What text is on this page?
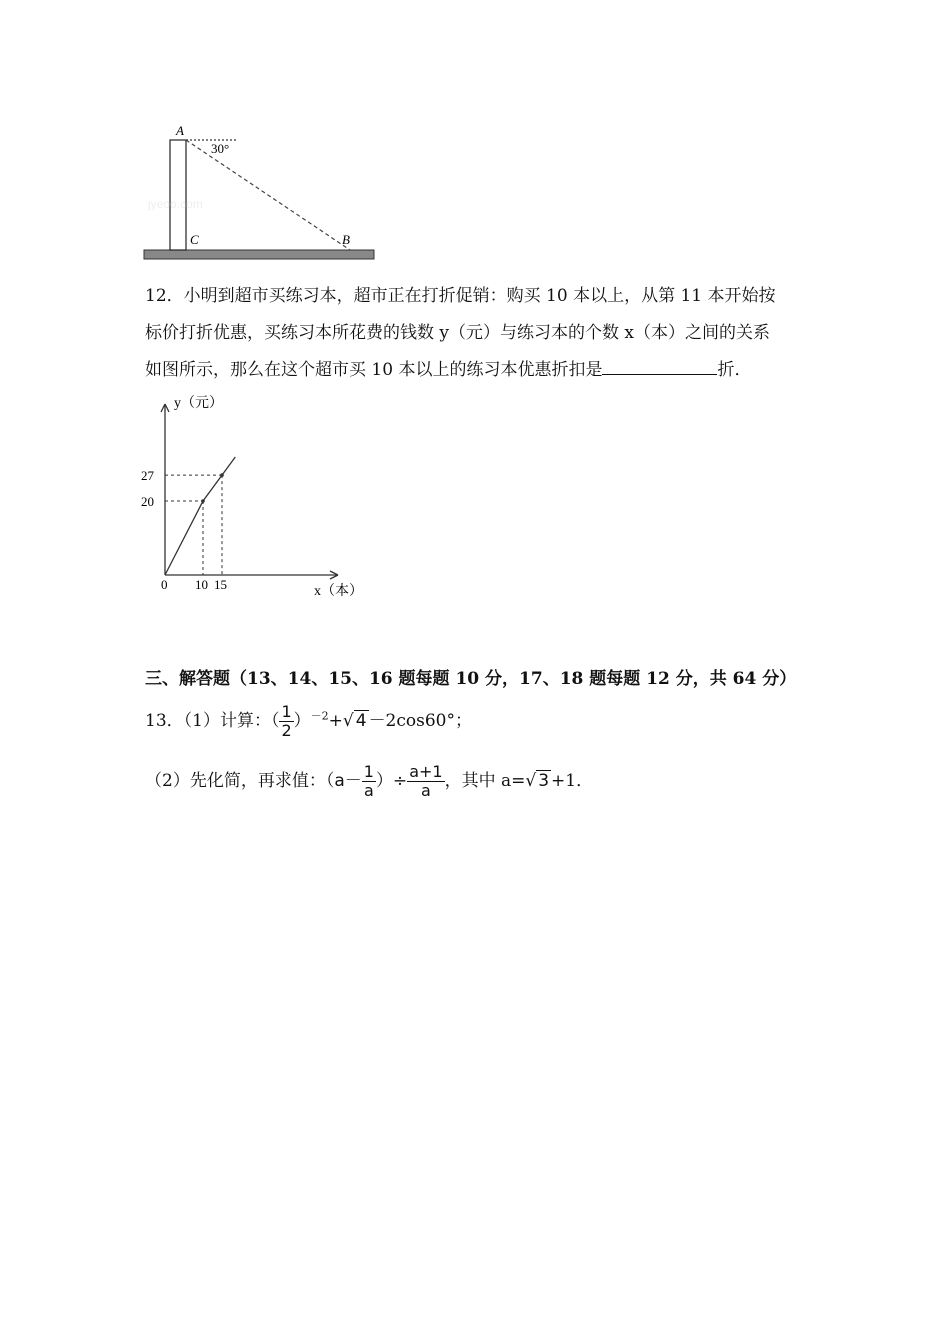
A
C	B
30°
jyeoo.com
12．小明到超市买练习本，超市正在打折促销：购买 10 本以上，从第 11 本开始按
标价打折优惠，买练习本所花费的钱数 y（元）与练习本的个数 x（本）之间的关系
如图所示，那么在这个超市买 10 本以上的练习本优惠折扣是	折．
y（元）
x（本）
0 10 15
20
27
三、解答题（13、14、15、16 题每题 10 分，17、18 题每题 12 分，共 64 分）
13．（1）计算：（ $\frac{1}{2} )^{-2}+√$ 4 －2cos60°；
（2）先化简，再求值：（$a- \frac{1}{a}$ ）÷ $\frac{a+1}{a}$ ，其中 a=√ 3 +1．
